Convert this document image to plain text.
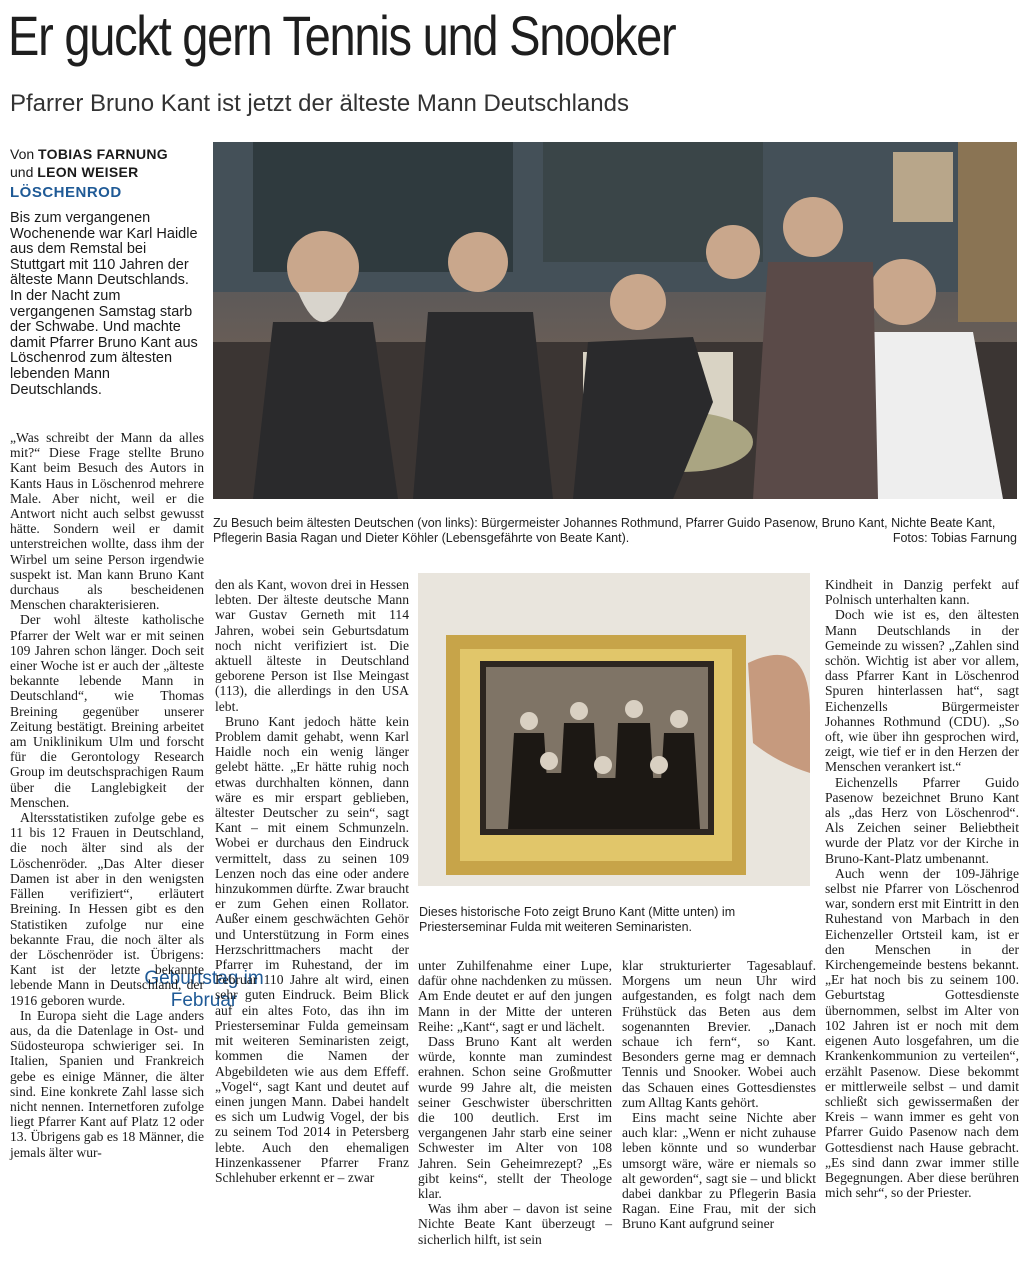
Er guckt gern Tennis und Snooker
Pfarrer Bruno Kant ist jetzt der älteste Mann Deutschlands
Von TOBIAS FARNUNG
und LEON WEISER
LÖSCHENROD
Bis zum vergangenen Wochenende war Karl Haidle aus dem Remstal bei Stuttgart mit 110 Jahren der älteste Mann Deutschlands. In der Nacht zum vergangenen Samstag starb der Schwabe. Und machte damit Pfarrer Bruno Kant aus Löschenrod zum ältesten lebenden Mann Deutschlands.
Zu Besuch beim ältesten Deutschen (von links): Bürgermeister Johannes Rothmund, Pfarrer Guido Pasenow, Bruno Kant, Nichte Beate Kant, Pflegerin Basia Ragan und Dieter Köhler (Lebensgefährte von Beate Kant).	Fotos: Tobias Farnung
Dieses historische Foto zeigt Bruno Kant (Mitte unten) im Priesterseminar Fulda mit weiteren Seminaristen.
Geburtstag im Februar

„Was schreibt der Mann da alles mit?“ Diese Frage stellte Bruno Kant beim Besuch des Autors in Kants Haus in Löschenrod mehrere Male. Aber nicht, weil er die Antwort nicht auch selbst gewusst hätte. Sondern weil er damit unterstreichen wollte, dass ihm der Wirbel um seine Person irgendwie suspekt ist. Man kann Bruno Kant durchaus als bescheidenen Menschen charakterisieren.

Der wohl älteste katholische Pfarrer der Welt war er mit seinen 109 Jahren schon länger. Doch seit einer Woche ist er auch der „älteste bekannte lebende Mann in Deutschland“, wie Thomas Breining gegenüber unserer Zeitung bestätigt. Breining arbeitet am Uniklinikum Ulm und forscht für die Gerontology Research Group im deutschsprachigen Raum über die Langlebigkeit der Menschen.

Altersstatistiken zufolge gebe es 11 bis 12 Frauen in Deutschland, die noch älter sind als der Löschenröder. „Das Alter dieser Damen ist aber in den wenigsten Fällen verifiziert“, erläutert Breining. In Hessen gibt es den Statistiken zufolge nur eine bekannte Frau, die noch älter als der Löschenröder ist. Übrigens: Kant ist der letzte bekannte lebende Mann in Deutschland, der 1916 geboren wurde.

In Europa sieht die Lage anders aus, da die Datenlage in Ost- und Südosteuropa schwieriger sei. In Italien, Spanien und Frankreich gebe es einige Männer, die älter sind. Eine konkrete Zahl lasse sich nicht nennen. Internetforen zufolge liegt Pfarrer Kant auf Platz 12 oder 13. Übrigens gab es 18 Männer, die jemals älter wur-

den als Kant, wovon drei in Hessen lebten. Der älteste deutsche Mann war Gustav Gerneth mit 114 Jahren, wobei sein Geburtsdatum noch nicht verifiziert ist. Die aktuell älteste in Deutschland geborene Person ist Ilse Meingast (113), die allerdings in den USA lebt.

Bruno Kant jedoch hätte kein Problem damit gehabt, wenn Karl Haidle noch ein wenig länger gelebt hätte. „Er hätte ruhig noch etwas durchhalten können, dann wäre es mir erspart geblieben, ältester Deutscher zu sein“, sagt Kant – mit einem Schmunzeln. Wobei er durchaus den Eindruck vermittelt, dass zu seinen 109 Lenzen noch das eine oder andere hinzukommen dürfte. Zwar braucht er zum Gehen einen Rollator. Außer einem geschwächten Gehör und Unterstützung in Form eines Herzschrittmachers macht der Pfarrer im Ruhestand, der im Februar 110 Jahre alt wird, einen sehr guten Eindruck. Beim Blick auf ein altes Foto, das ihn im Priesterseminar Fulda gemeinsam mit weiteren Seminaristen zeigt, kommen die Namen der Abgebildeten wie aus dem Effeff. „Vogel“, sagt Kant und deutet auf einen jungen Mann. Dabei handelt es sich um Ludwig Vogel, der bis zu seinem Tod 2014 in Petersberg lebte. Auch den ehemaligen Hinzenkassener Pfarrer Franz Schlehuber erkennt er – zwar

unter Zuhilfenahme einer Lupe, dafür ohne nachdenken zu müssen. Am Ende deutet er auf den jungen Mann in der Mitte der unteren Reihe: „Kant“, sagt er und lächelt.

Dass Bruno Kant alt werden würde, konnte man zumindest erahnen. Schon seine Großmutter wurde 99 Jahre alt, die meisten seiner Geschwister überschritten die 100 deutlich. Erst im vergangenen Jahr starb eine seiner Schwester im Alter von 108 Jahren. Sein Geheimrezept? „Es gibt keins“, stellt der Theologe klar.

Was ihm aber – davon ist seine Nichte Beate Kant überzeugt – sicherlich hilft, ist sein

klar strukturierter Tagesablauf. Morgens um neun Uhr wird aufgestanden, es folgt nach dem Frühstück das Beten aus dem sogenannten Brevier. „Danach schaue ich fern“, so Kant. Besonders gerne mag er demnach Tennis und Snooker. Wobei auch das Schauen eines Gottesdienstes zum Alltag Kants gehört.

Eins macht seine Nichte aber auch klar: „Wenn er nicht zuhause leben könnte und so wunderbar umsorgt wäre, wäre er niemals so alt geworden“, sagt sie – und blickt dabei dankbar zu Pflegerin Basia Ragan. Eine Frau, mit der sich Bruno Kant aufgrund seiner

Kindheit in Danzig perfekt auf Polnisch unterhalten kann.

Doch wie ist es, den ältesten Mann Deutschlands in der Gemeinde zu wissen? „Zahlen sind schön. Wichtig ist aber vor allem, dass Pfarrer Kant in Löschenrod Spuren hinterlassen hat“, sagt Eichenzells Bürgermeister Johannes Rothmund (CDU). „So oft, wie über ihn gesprochen wird, zeigt, wie tief er in den Herzen der Menschen verankert ist.“

Eichenzells Pfarrer Guido Pasenow bezeichnet Bruno Kant als „das Herz von Löschenrod“. Als Zeichen seiner Beliebtheit wurde der Platz vor der Kirche in Bruno-Kant-Platz umbenannt.

Auch wenn der 109-Jährige selbst nie Pfarrer von Löschenrod war, sondern erst mit Eintritt in den Ruhestand von Marbach in den Eichenzeller Ortsteil kam, ist er den Menschen in der Kirchengemeinde bestens bekannt. „Er hat noch bis zu seinem 100. Geburtstag Gottesdienste übernommen, selbst im Alter von 102 Jahren ist er noch mit dem eigenen Auto losgefahren, um die Krankenkommunion zu verteilen“, erzählt Pasenow. Diese bekommt er mittlerweile selbst – und damit schließt sich gewissermaßen der Kreis – wann immer es geht von Pfarrer Guido Pasenow nach dem Gottesdienst nach Hause gebracht. „Es sind dann zwar immer stille Begegnungen. Aber diese berühren mich sehr“, so der Priester.
